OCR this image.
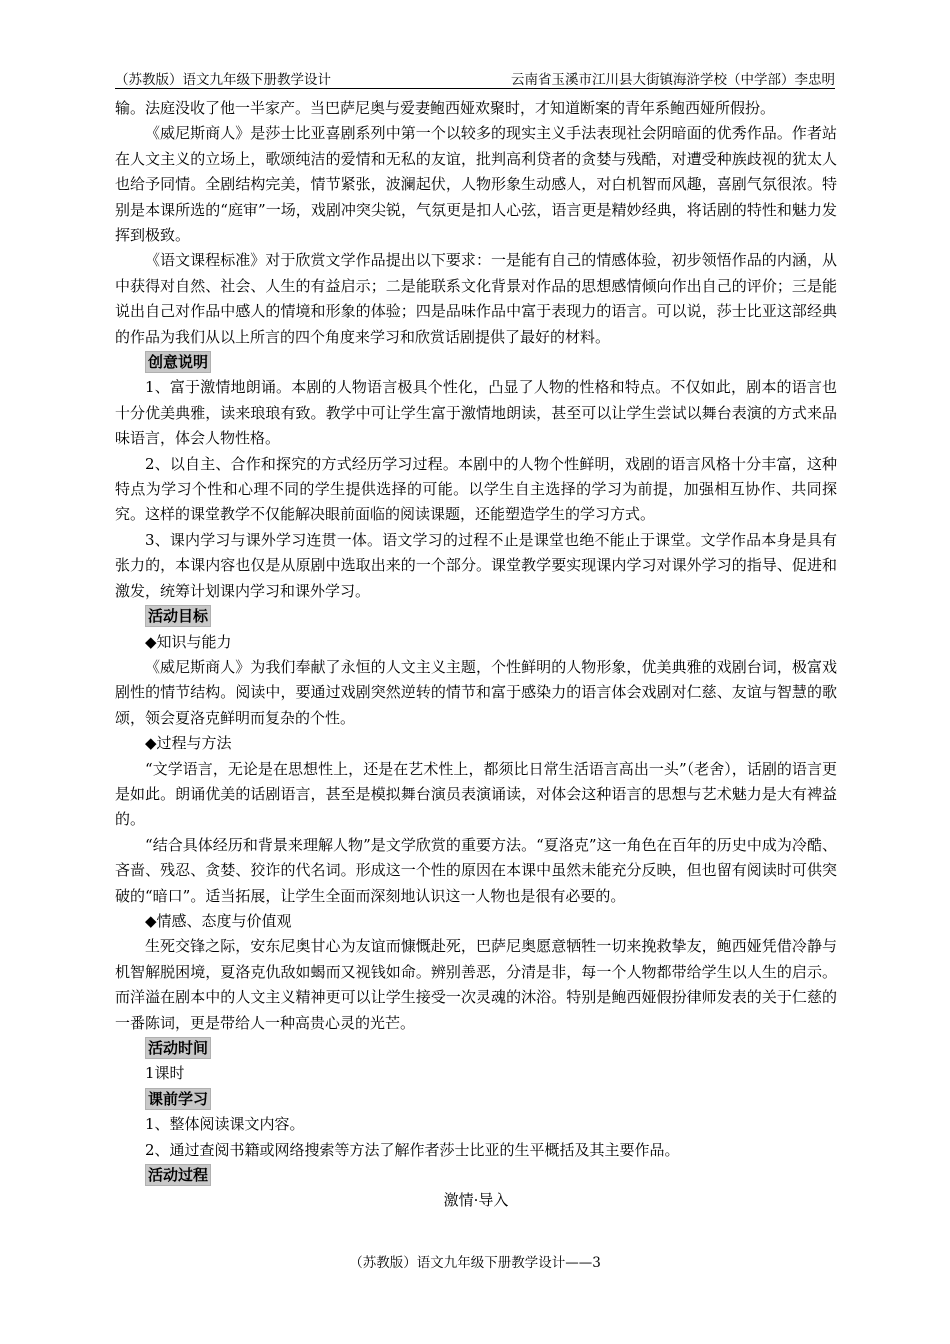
（苏教版）语文九年级下册教学设计	云南省玉溪市江川县大街镇海浒学校（中学部）李忠明

输。法庭没收了他一半家产。当巴萨尼奥与爱妻鲍西娅欢聚时，才知道断案的青年系鲍西娅所假扮。

《威尼斯商人》是莎士比亚喜剧系列中第一个以较多的现实主义手法表现社会阴暗面的优秀作品。作者站在人文主义的立场上，歌颂纯洁的爱情和无私的友谊，批判高利贷者的贪婪与残酷，对遭受种族歧视的犹太人也给予同情。全剧结构完美，情节紧张，波澜起伏，人物形象生动感人，对白机智而风趣，喜剧气氛很浓。特别是本课所选的“庭审”一场，戏剧冲突尖锐，气氛更是扣人心弦，语言更是精妙经典，将话剧的特性和魅力发挥到极致。

《语文课程标准》对于欣赏文学作品提出以下要求：一是能有自己的情感体验，初步领悟作品的内涵，从中获得对自然、社会、人生的有益启示；二是能联系文化背景对作品的思想感情倾向作出自己的评价；三是能说出自己对作品中感人的情境和形象的体验；四是品味作品中富于表现力的语言。可以说，莎士比亚这部经典的作品为我们从以上所言的四个角度来学习和欣赏话剧提供了最好的材料。

创意说明

1、富于激情地朗诵。本剧的人物语言极具个性化，凸显了人物的性格和特点。不仅如此，剧本的语言也十分优美典雅，读来琅琅有致。教学中可让学生富于激情地朗读，甚至可以让学生尝试以舞台表演的方式来品味语言，体会人物性格。

2、以自主、合作和探究的方式经历学习过程。本剧中的人物个性鲜明，戏剧的语言风格十分丰富，这种特点为学习个性和心理不同的学生提供选择的可能。以学生自主选择的学习为前提，加强相互协作、共同探究。这样的课堂教学不仅能解决眼前面临的阅读课题，还能塑造学生的学习方式。

3、课内学习与课外学习连贯一体。语文学习的过程不止是课堂也绝不能止于课堂。文学作品本身是具有张力的，本课内容也仅是从原剧中选取出来的一个部分。课堂教学要实现课内学习对课外学习的指导、促进和激发，统筹计划课内学习和课外学习。

活动目标

◆知识与能力

《威尼斯商人》为我们奉献了永恒的人文主义主题，个性鲜明的人物形象，优美典雅的戏剧台词，极富戏剧性的情节结构。阅读中，要通过戏剧突然逆转的情节和富于感染力的语言体会戏剧对仁慈、友谊与智慧的歌颂，领会夏洛克鲜明而复杂的个性。

◆过程与方法

“文学语言，无论是在思想性上，还是在艺术性上，都须比日常生活语言高出一头”（老舍），话剧的语言更是如此。朗诵优美的话剧语言，甚至是模拟舞台演员表演诵读，对体会这种语言的思想与艺术魅力是大有裨益的。

“结合具体经历和背景来理解人物”是文学欣赏的重要方法。“夏洛克”这一角色在百年的历史中成为冷酷、吝啬、残忍、贪婪、狡诈的代名词。形成这一个性的原因在本课中虽然未能充分反映，但也留有阅读时可供突破的“暗口”。适当拓展，让学生全面而深刻地认识这一人物也是很有必要的。

◆情感、态度与价值观

生死交锋之际，安东尼奥甘心为友谊而慷慨赴死，巴萨尼奥愿意牺牲一切来挽救挚友，鲍西娅凭借冷静与机智解脱困境，夏洛克仇敌如蝎而又视钱如命。辨别善恶，分清是非，每一个人物都带给学生以人生的启示。而洋溢在剧本中的人文主义精神更可以让学生接受一次灵魂的沐浴。特别是鲍西娅假扮律师发表的关于仁慈的一番陈词，更是带给人一种高贵心灵的光芒。

活动时间

1课时

课前学习

1、整体阅读课文内容。

2、通过查阅书籍或网络搜索等方法了解作者莎士比亚的生平概括及其主要作品。

活动过程

激情·导入

（苏教版）语文九年级下册教学设计——3
